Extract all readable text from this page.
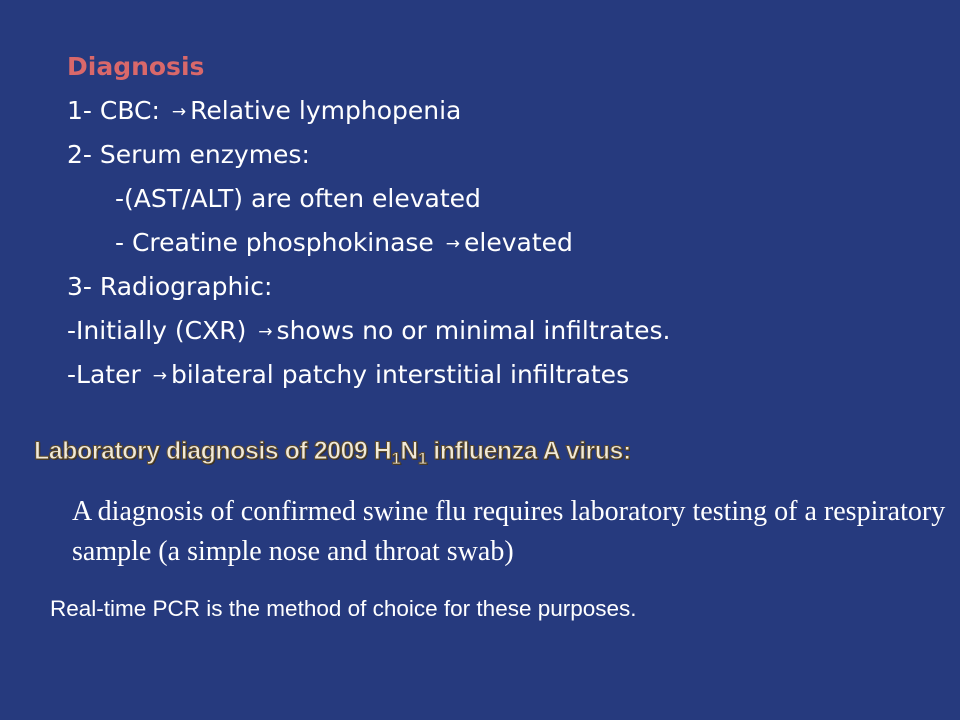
Diagnosis
1- CBC: → Relative lymphopenia
2- Serum enzymes:
-(AST/ALT) are often elevated
- Creatine phosphokinase → elevated
3- Radiographic:
-Initially (CXR) → shows no or minimal infiltrates.
-Later → bilateral patchy interstitial infiltrates
Laboratory diagnosis of 2009 $H_1N_1$ influenza A virus:
A diagnosis of confirmed swine flu requires laboratory testing of a respiratory sample (a simple nose and throat swab)
Real-time PCR is the method of choice for these purposes.
